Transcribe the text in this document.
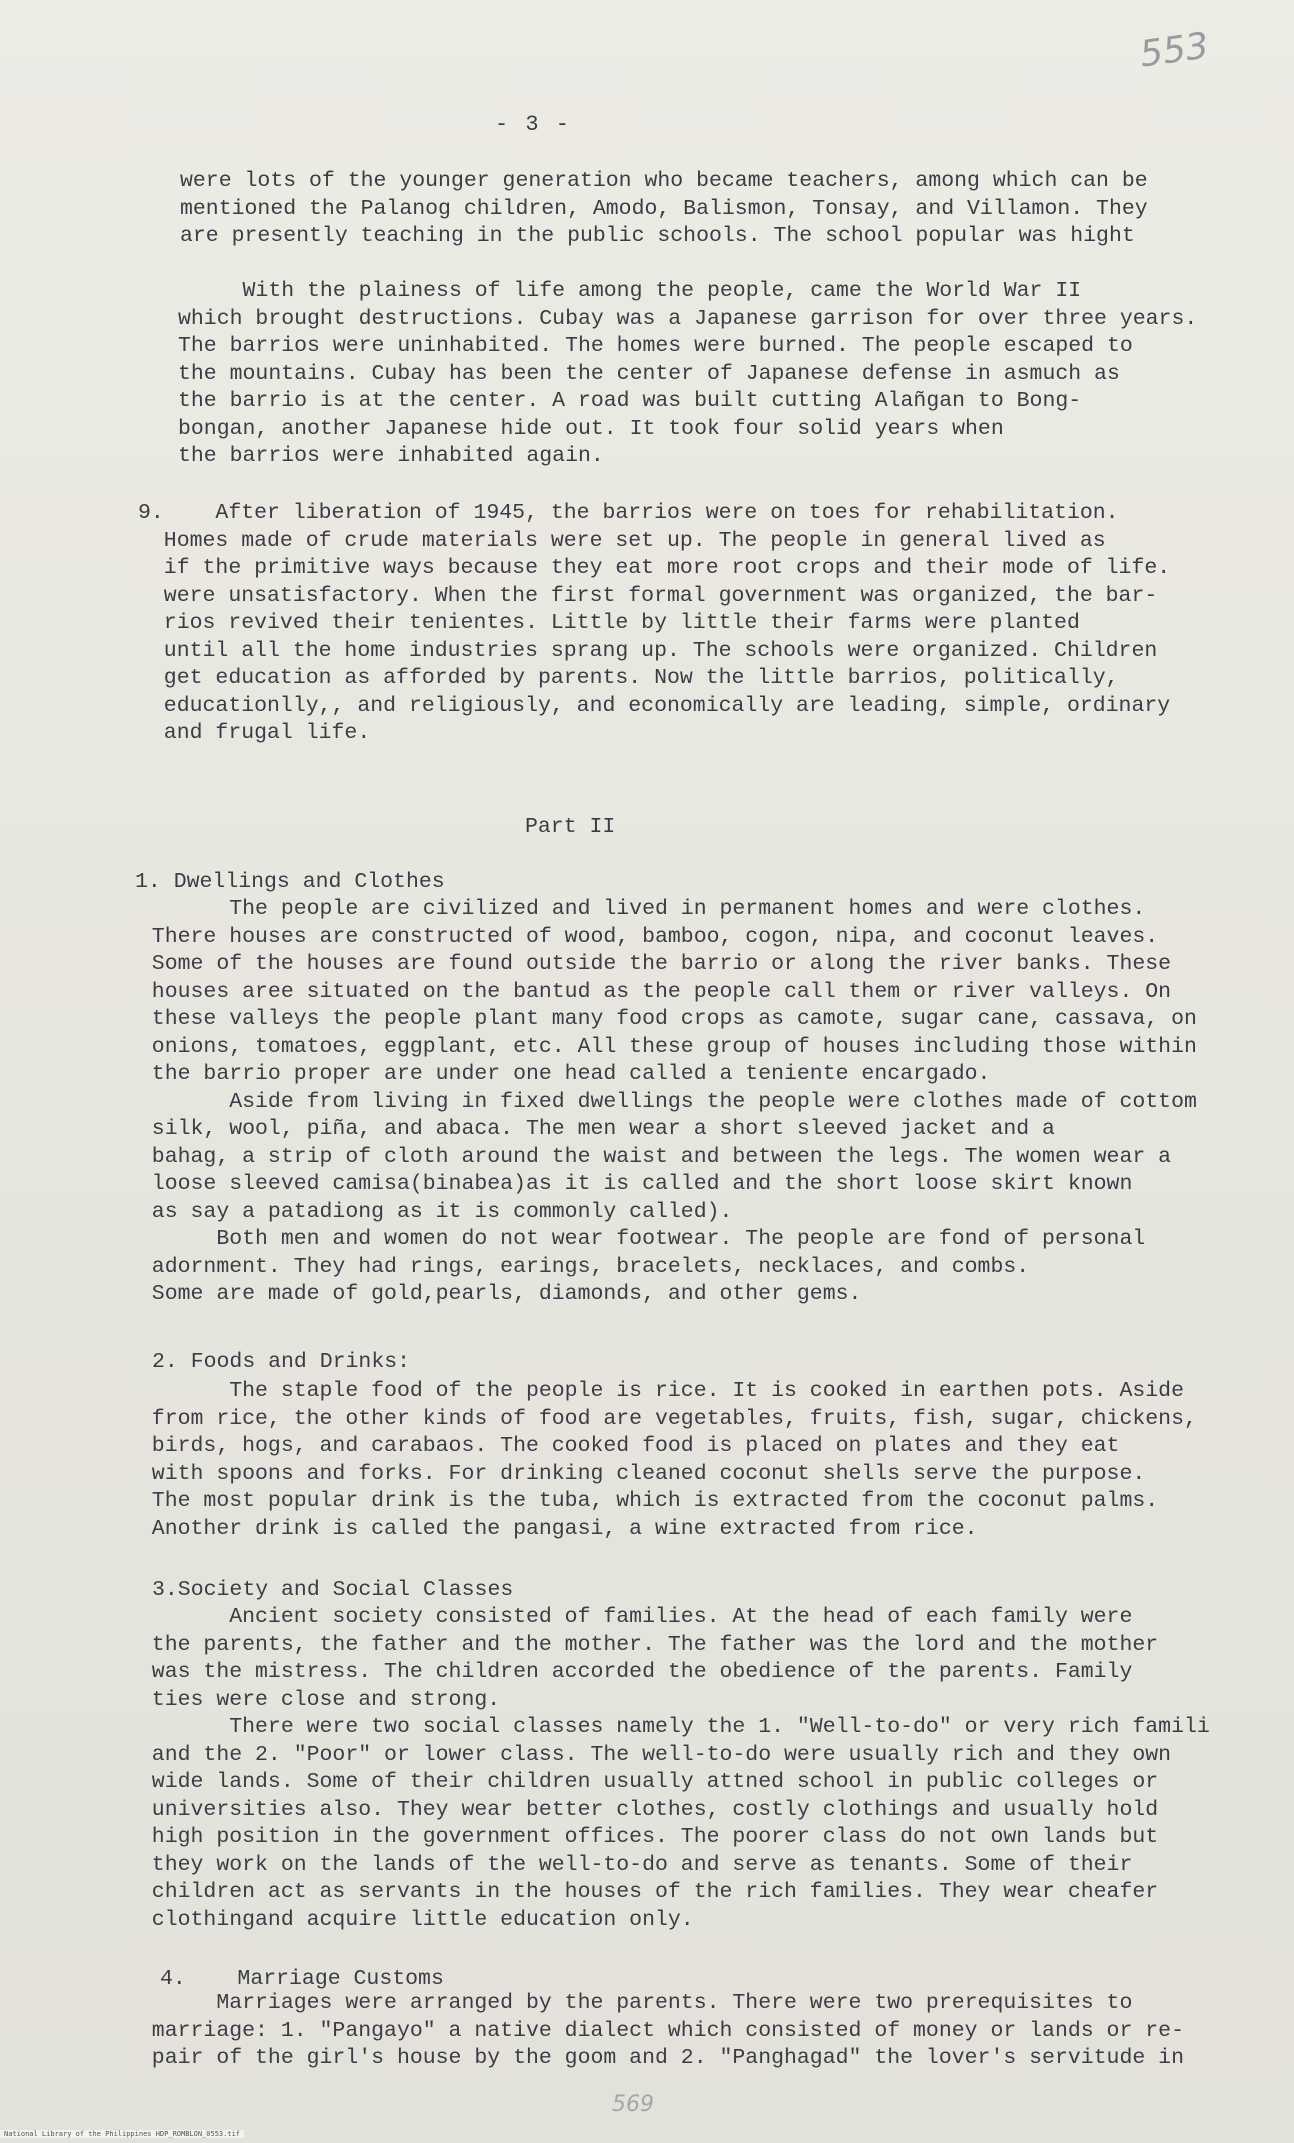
553
- 3 -
were lots of the younger generation who became teachers, among which can be
mentioned the Palanog children, Amodo, Balismon, Tonsay, and Villamon. They
are presently teaching in the public schools. The school popular was hight
With the plainess of life among the people, came the World War II
which brought destructions. Cubay was a Japanese garrison for over three years.
The barrios were uninhabited. The homes were burned. The people escaped to
the mountains. Cubay has been the center of Japanese defense in asmuch as
the barrio is at the center. A road was built cutting Alañgan to Bong-
bongan, another Japanese hide out. It took four solid years when
the barrios were inhabited again.
9.    After liberation of 1945, the barrios were on toes for rehabilitation.
Homes made of crude materials were set up. The people in general lived as
if the primitive ways because they eat more root crops and their mode of life.
were unsatisfactory. When the first formal government was organized, the bar-
rios revived their tenientes. Little by little their farms were planted
until all the home industries sprang up. The schools were organized. Children
get education as afforded by parents. Now the little barrios, politically,
educationlly,, and religiously, and economically are leading, simple, ordinary
and frugal life.
Part II
1. Dwellings and Clothes
The people are civilized and lived in permanent homes and were clothes.
There houses are constructed of wood, bamboo, cogon, nipa, and coconut leaves.
Some of the houses are found outside the barrio or along the river banks. These
houses aree situated on the bantud as the people call them or river valleys. On
these valleys the people plant many food crops as camote, sugar cane, cassava, on
onions, tomatoes, eggplant, etc. All these group of houses including those within
the barrio proper are under one head called a teniente encargado.
Aside from living in fixed dwellings the people were clothes made of cottom
silk, wool, piña, and abaca. The men wear a short sleeved jacket and a
bahag, a strip of cloth around the waist and between the legs. The women wear a
loose sleeved camisa(binabea)as it is called and the short loose skirt known
as say a patadiong as it is commonly called).
Both men and women do not wear footwear. The people are fond of personal
adornment. They had rings, earings, bracelets, necklaces, and combs.
Some are made of gold,pearls, diamonds, and other gems.
2. Foods and Drinks:
The staple food of the people is rice. It is cooked in earthen pots. Aside
from rice, the other kinds of food are vegetables, fruits, fish, sugar, chickens,
birds, hogs, and carabaos. The cooked food is placed on plates and they eat
with spoons and forks. For drinking cleaned coconut shells serve the purpose.
The most popular drink is the tuba, which is extracted from the coconut palms.
Another drink is called the pangasi, a wine extracted from rice.
3.Society and Social Classes
Ancient society consisted of families. At the head of each family were
the parents, the father and the mother. The father was the lord and the mother
was the mistress. The children accorded the obedience of the parents. Family
ties were close and strong.
There were two social classes namely the 1. "Well-to-do" or very rich famili
and the 2. "Poor" or lower class. The well-to-do were usually rich and they own
wide lands. Some of their children usually attned school in public colleges or
universities also. They wear better clothes, costly clothings and usually hold
high position in the government offices. The poorer class do not own lands but
they work on the lands of the well-to-do and serve as tenants. Some of their
children act as servants in the houses of the rich families. They wear cheafer
clothingand acquire little education only.
4.    Marriage Customs
Marriages were arranged by the parents. There were two prerequisites to
marriage: 1. "Pangayo" a native dialect which consisted of money or lands or re-
pair of the girl's house by the goom and 2. "Panghagad" the lover's servitude in
569
National Library of the Philippines HDP_ROMBLON_0553.tif
